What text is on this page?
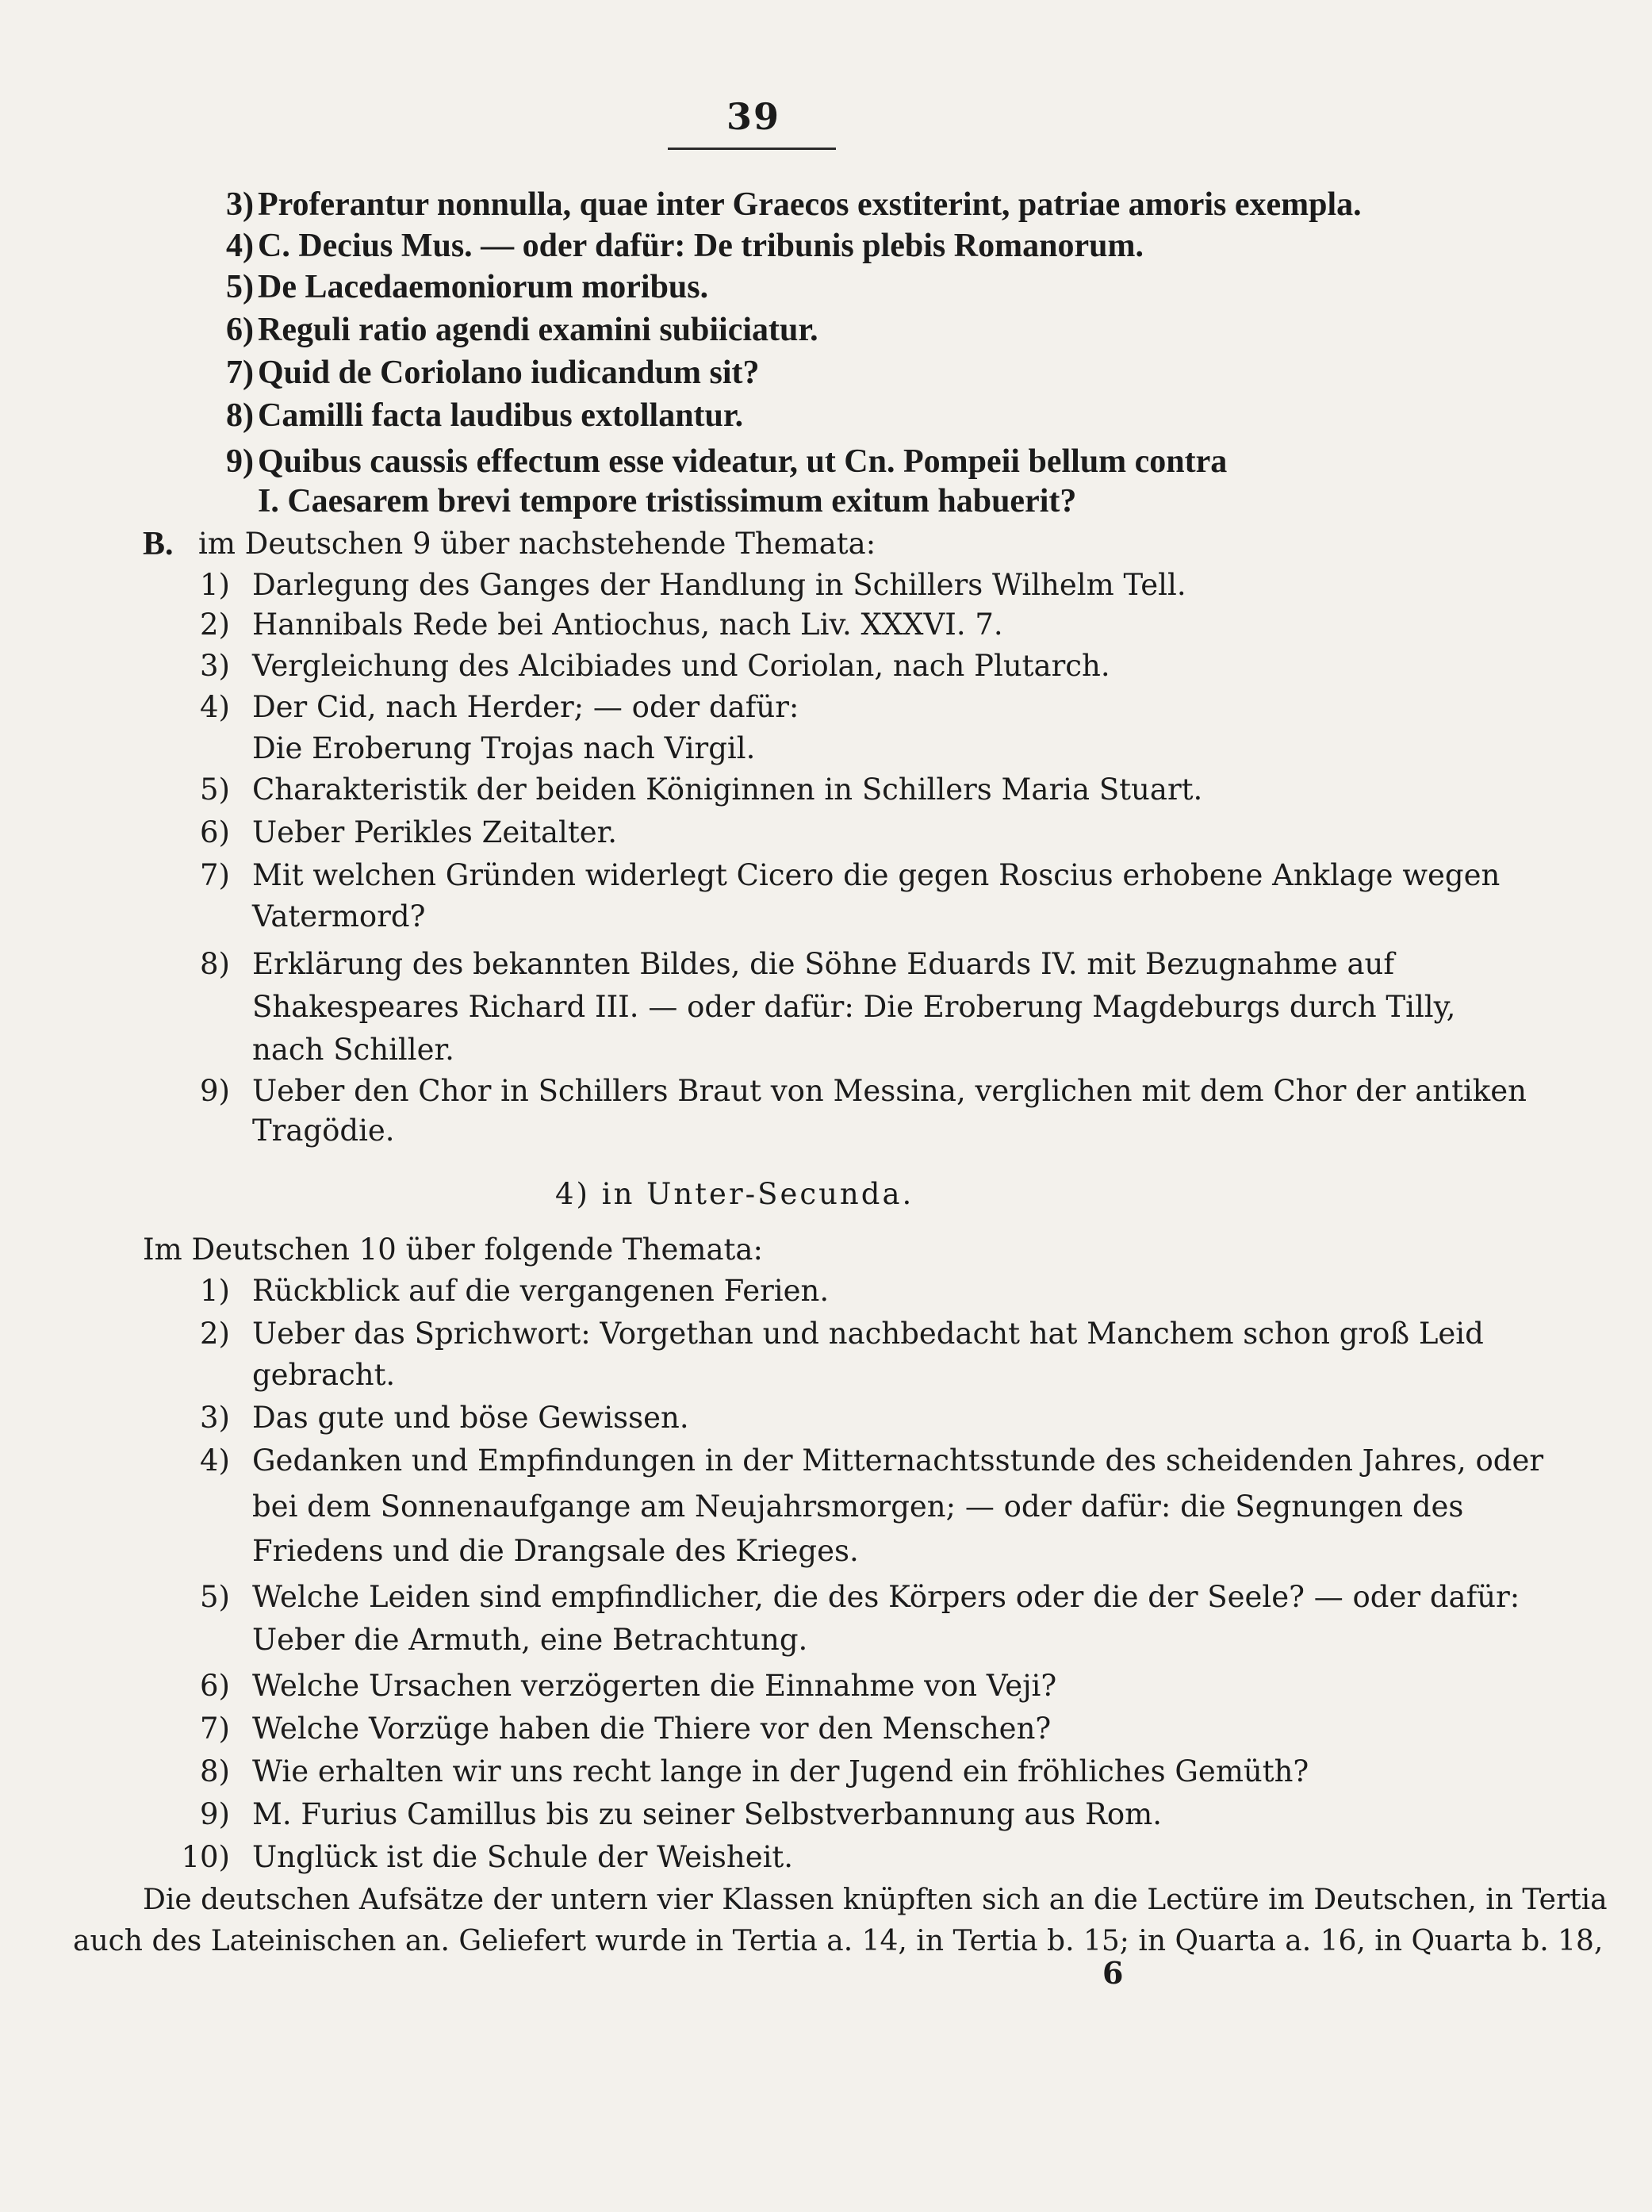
39
3) Proferantur nonnulla, quae inter Graecos exstiterint, patriae amoris exempla.
4) C. Decius Mus. — oder dafür: De tribunis plebis Romanorum.
5) De Lacedaemoniorum moribus.
6) Reguli ratio agendi examini subiiciatur.
7) Quid de Coriolano iudicandum sit?
8) Camilli facta laudibus extollantur.
9) Quibus caussis effectum esse videatur, ut Cn. Pompeii bellum contra
I. Caesarem brevi tempore tristissimum exitum habuerit?
B. im Deutschen 9 über nachstehende Themata:
1) Darlegung des Ganges der Handlung in Schillers Wilhelm Tell.
2) Hannibals Rede bei Antiochus, nach Liv. XXXVI. 7.
3) Vergleichung des Alcibiades und Coriolan, nach Plutarch.
4) Der Cid, nach Herder; — oder dafür:
Die Eroberung Trojas nach Virgil.
5) Charakteristik der beiden Königinnen in Schillers Maria Stuart.
6) Ueber Perikles Zeitalter.
7) Mit welchen Gründen widerlegt Cicero die gegen Roscius erhobene Anklage wegen
Vatermord?
8) Erklärung des bekannten Bildes, die Söhne Eduards IV. mit Bezugnahme auf
Shakespeares Richard III. — oder dafür: Die Eroberung Magdeburgs durch Tilly,
nach Schiller.
9) Ueber den Chor in Schillers Braut von Messina, verglichen mit dem Chor der antiken
Tragödie.
4) in Unter-Secunda.
Im Deutschen 10 über folgende Themata:
1) Rückblick auf die vergangenen Ferien.
2) Ueber das Sprichwort: Vorgethan und nachbedacht hat Manchem schon groß Leid
gebracht.
3) Das gute und böse Gewissen.
4) Gedanken und Empfindungen in der Mitternachtsstunde des scheidenden Jahres, oder
bei dem Sonnenaufgange am Neujahrsmorgen; — oder dafür: die Segnungen des
Friedens und die Drangsale des Krieges.
5) Welche Leiden sind empfindlicher, die des Körpers oder die der Seele? — oder dafür:
Ueber die Armuth, eine Betrachtung.
6) Welche Ursachen verzögerten die Einnahme von Veji?
7) Welche Vorzüge haben die Thiere vor den Menschen?
8) Wie erhalten wir uns recht lange in der Jugend ein fröhliches Gemüth?
9) M. Furius Camillus bis zu seiner Selbstverbannung aus Rom.
10) Unglück ist die Schule der Weisheit.
Die deutschen Aufsätze der untern vier Klassen knüpften sich an die Lectüre im Deutschen, in Tertia
auch des Lateinischen an. Geliefert wurde in Tertia a. 14, in Tertia b. 15; in Quarta a. 16, in Quarta b. 18,
6
